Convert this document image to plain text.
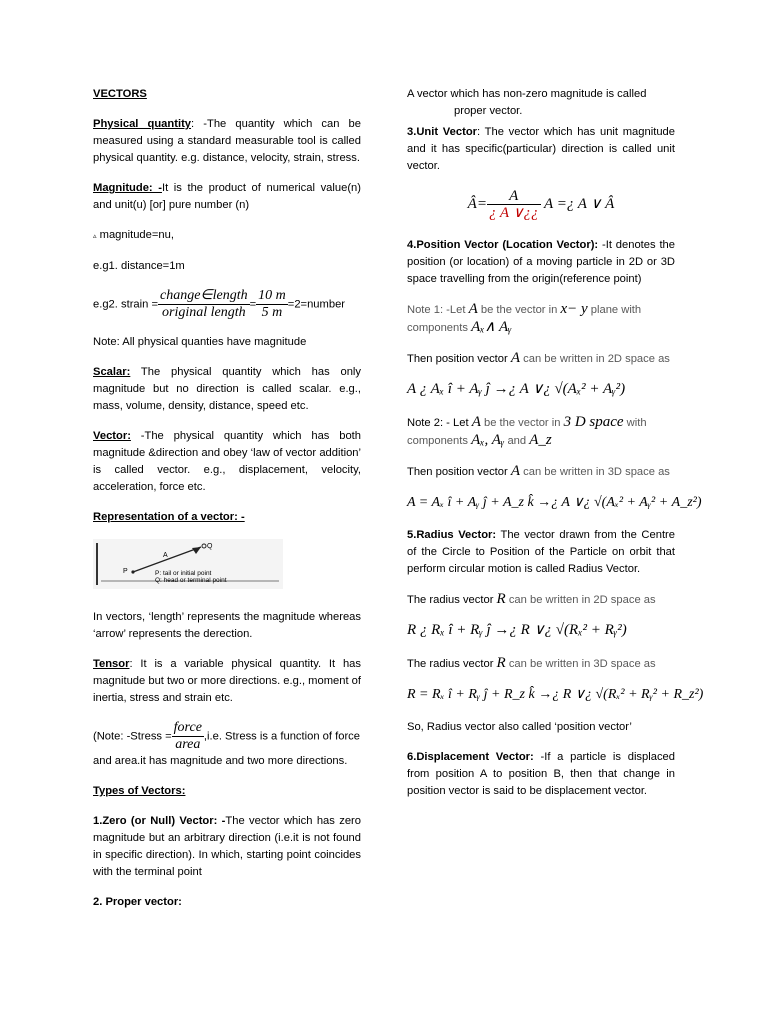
VECTORS

Physical quantity: -The quantity which can be measured using a standard measurable tool is called physical quantity. e.g. distance, velocity, strain, stress.

Magnitude: -It is the product of numerical value(n) and unit(u) [or] pure number (n)

▵ magnitude=nu,

e.g1. distance=1m

e.g2. strain = $\frac{\text{change∈length}}{\text{original length}} = \frac{10 m}{5 m}$ =2=number

Note: All physical quanties have magnitude

Scalar: The physical quantity which has only magnitude but no direction is called scalar. e.g., mass, volume, density, distance, speed etc.

Vector: -The physical quantity which has both magnitude &direction and obey ‘law of vector addition’ is called vector. e.g., displacement, velocity, acceleration, force etc.

Representation of a vector: -

P
Q
A
P: tail or initial point
Q: head or terminal point

In vectors, ‘length’ represents the magnitude whereas ‘arrow’ represents the derection.

Tensor: It is a variable physical quantity. It has magnitude but two or more directions. e.g., moment of inertia, stress and strain etc.

(Note: -Stress = $\frac{\text{force}}{\text{area}} ,i.e$. Stress is a function of force and area.it has magnitude and two more directions.

Types of Vectors:

1.Zero (or Null) Vector: -The vector which has zero magnitude but an arbitrary direction (i.e.it is not found in specific direction). In which, starting point coincides with the terminal point

2. Proper vector:

A vector which has non-zero magnitude is called
proper vector.

3.Unit Vector: The vector which has unit magnitude and it has specific(particular) direction is called unit vector.

Â= $\frac{A}{¿ A \vee¿¿}$ A =¿ A ∨ Â

4.Position Vector (Location Vector): -It denotes the position (or location) of a moving particle in 2D or 3D space travelling from the origin(reference point)

Note 1: -Let A be the vector in x− y plane with components Aₓ∧ Aᵧ

Then position vector A can be written in 2D space as

A ¿ Aₓ î + Aᵧ ĵ →¿ A ∨¿ √(Aₓ² + Aᵧ²)

Note 2: - Let A be the vector in 3 D space with components Aₓ, Aᵧ and A_z

Then position vector A can be written in 3D space as

A = Aₓ î + Aᵧ ĵ + A_z k̂ →¿ A ∨¿ √(Aₓ² + Aᵧ² + A_z²)

5.Radius Vector: The vector drawn from the Centre of the Circle to Position of the Particle on orbit that perform circular motion is called Radius Vector.

The radius vector R can be written in 2D space as

R ¿ Rₓ î + Rᵧ ĵ →¿ R ∨¿ √(Rₓ² + Rᵧ²)

The radius vector R can be written in 3D space as

R = Rₓ î + Rᵧ ĵ + R_z k̂ →¿ R ∨¿ √(Rₓ² + Rᵧ² + R_z²)

So, Radius vector also called ‘position vector’

6.Displacement Vector: -If a particle is displaced from position A to position B, then that change in position vector is said to be displacement vector.
